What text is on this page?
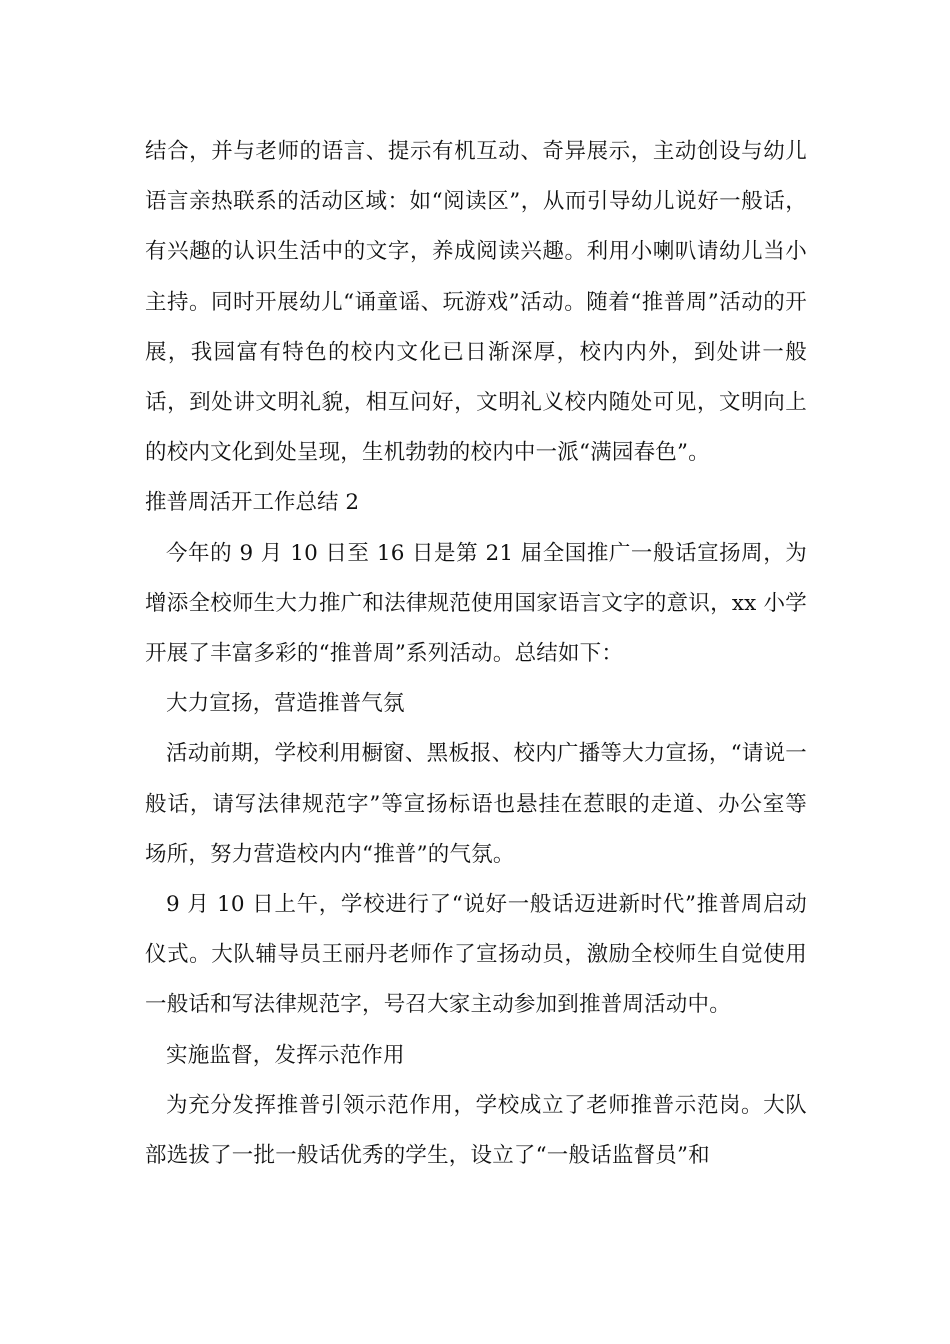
结合，并与老师的语言、提示有机互动、奇异展示，主动创设与幼儿语言亲热联系的活动区域：如“阅读区”，从而引导幼儿说好一般话，有兴趣的认识生活中的文字，养成阅读兴趣。利用小喇叭请幼儿当小主持。同时开展幼儿“诵童谣、玩游戏”活动。随着“推普周”活动的开展，我园富有特色的校内文化已日渐深厚，校内内外，到处讲一般话，到处讲文明礼貌，相互问好，文明礼义校内随处可见，文明向上的校内文化到处呈现，生机勃勃的校内中一派“满园春色”。

推普周活开工作总结 2

今年的 9 月 10 日至 16 日是第 21 届全国推广一般话宣扬周，为增添全校师生大力推广和法律规范使用国家语言文字的意识，xx 小学开展了丰富多彩的“推普周”系列活动。总结如下：

大力宣扬，营造推普气氛

活动前期，学校利用橱窗、黑板报、校内广播等大力宣扬，“请说一般话，请写法律规范字”等宣扬标语也悬挂在惹眼的走道、办公室等场所，努力营造校内内“推普”的气氛。

9 月 10 日上午，学校进行了“说好一般话迈进新时代”推普周启动仪式。大队辅导员王丽丹老师作了宣扬动员，激励全校师生自觉使用一般话和写法律规范字，号召大家主动参加到推普周活动中。

实施监督，发挥示范作用

为充分发挥推普引领示范作用，学校成立了老师推普示范岗。大队部选拔了一批一般话优秀的学生，设立了“一般话监督员”和
